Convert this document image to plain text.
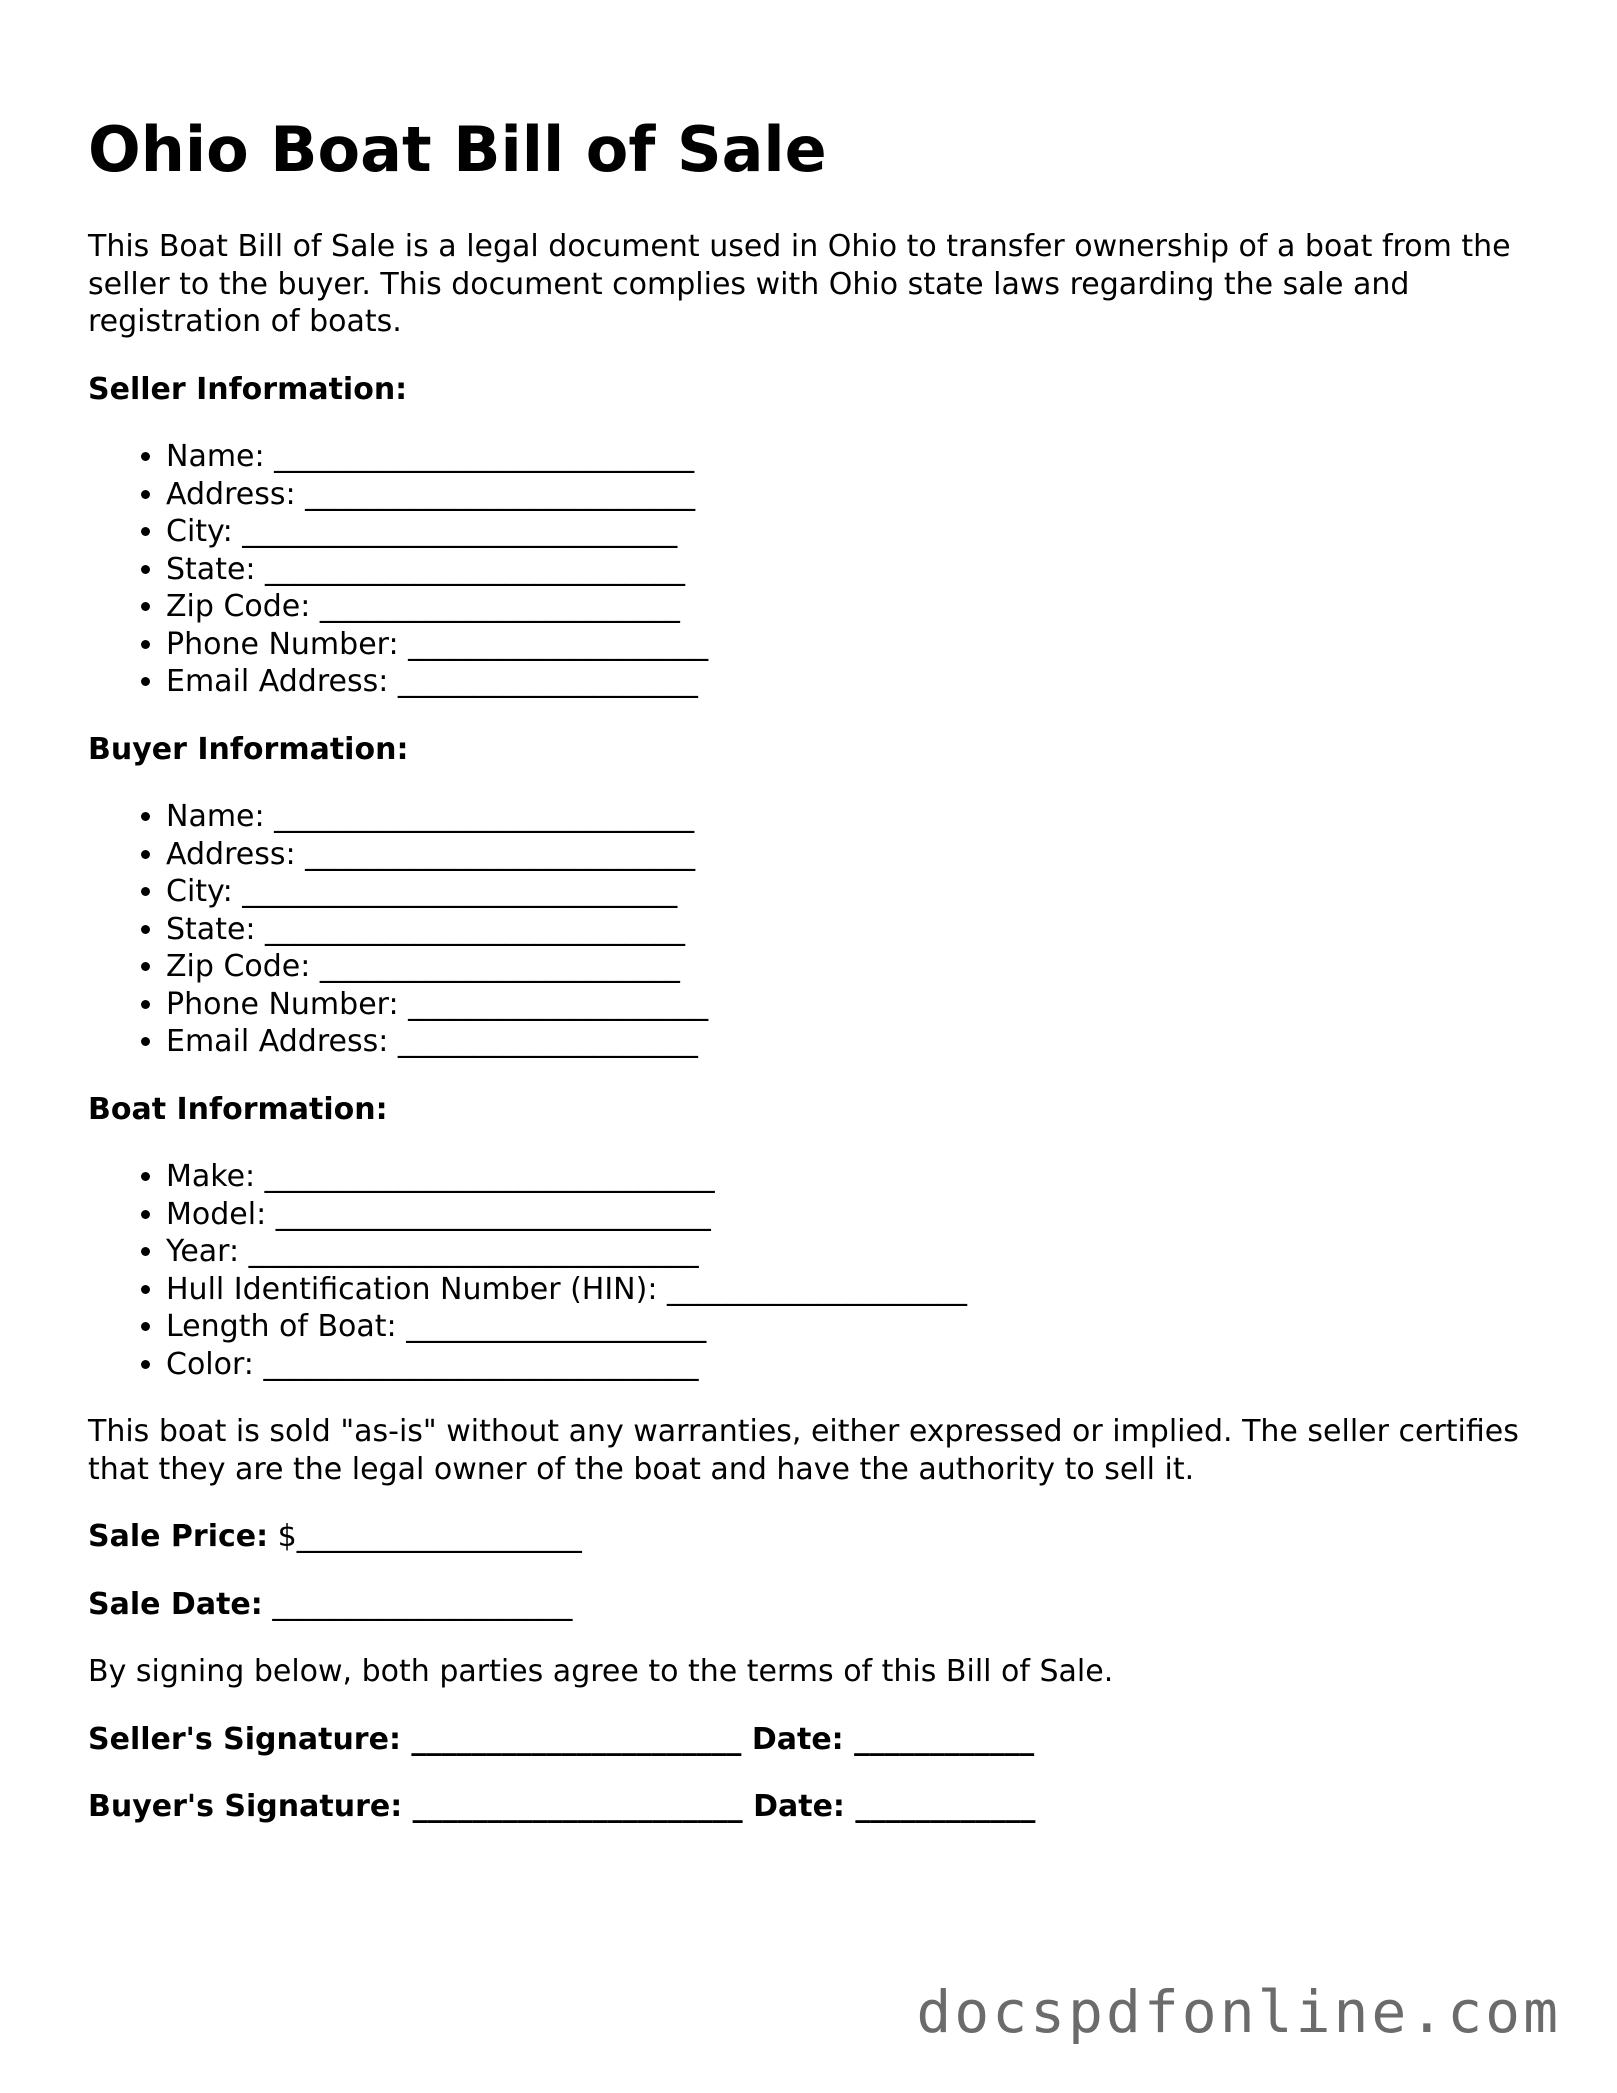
Ohio Boat Bill of Sale

This Boat Bill of Sale is a legal document used in Ohio to transfer ownership of a boat from the seller to the buyer. This document complies with Ohio state laws regarding the sale and registration of boats.

Seller Information:
• Name: ____________________________
• Address: __________________________
• City: _____________________________
• State: ____________________________
• Zip Code: ________________________
• Phone Number: ____________________
• Email Address: ____________________
Buyer Information:
• Name: ____________________________
• Address: __________________________
• City: _____________________________
• State: ____________________________
• Zip Code: ________________________
• Phone Number: ____________________
• Email Address: ____________________
Boat Information:
• Make: ______________________________
• Model: _____________________________
• Year: ______________________________
• Hull Identification Number (HIN): ____________________
• Length of Boat: ____________________
• Color: _____________________________

This boat is sold "as-is" without any warranties, either expressed or implied. The seller certifies that they are the legal owner of the boat and have the authority to sell it.

Sale Price: $___________________

Sale Date: ____________________

By signing below, both parties agree to the terms of this Bill of Sale.

Seller's Signature: ______________________ Date: ____________

Buyer's Signature: ______________________ Date: ____________

docspdfonline.com
